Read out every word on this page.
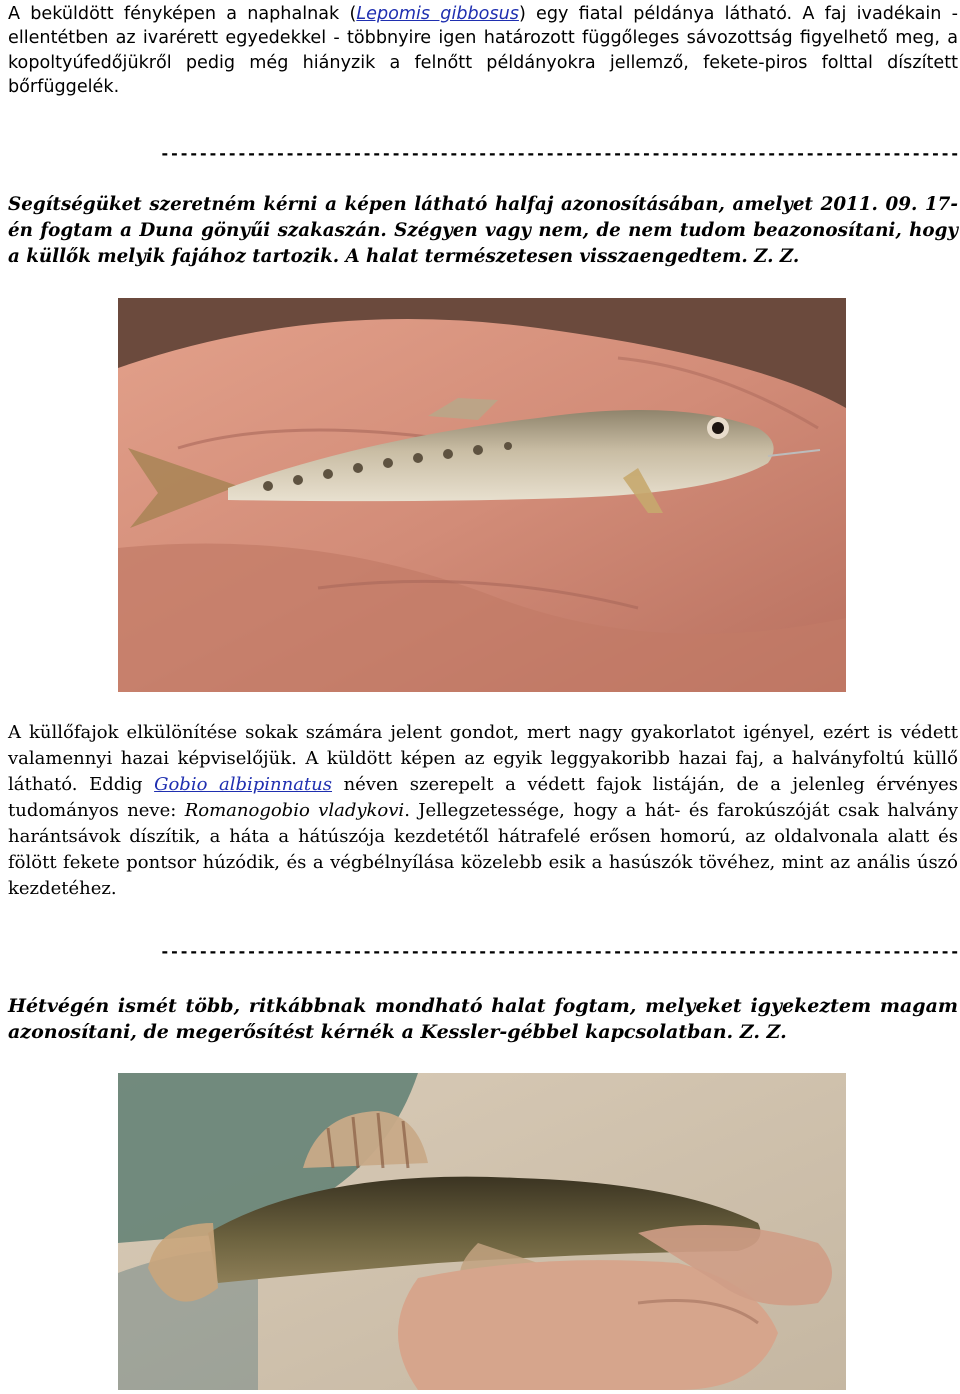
A beküldött fényképen a naphalnak (Lepomis gibbosus) egy fiatal példánya látható. A faj ivadékain - ellentétben az ivarérett egyedekkel - többnyire igen határozott függőleges sávozottság figyelhető meg, a kopoltyúfedőjükről pedig még hiányzik a felnőtt példányokra jellemző, fekete-piros folttal díszített bőrfüggelék.

-----------------------------------------------------------------------------------

Segítségüket szeretném kérni a képen látható halfaj azonosításában, amelyet 2011. 09. 17-én fogtam a Duna gönyűi szakaszán. Szégyen vagy nem, de nem tudom beazonosítani, hogy a küllők melyik fajához tartozik. A halat természetesen visszaengedtem. Z. Z.

A küllőfajok elkülönítése sokak számára jelent gondot, mert nagy gyakorlatot igényel, ezért is védett valamennyi hazai képviselőjük. A küldött képen az egyik leggyakoribb hazai faj, a halványfoltú küllő látható. Eddig Gobio albipinnatus néven szerepelt a védett fajok listáján, de a jelenleg érvényes tudományos neve: Romanogobio vladykovi. Jellegzetessége, hogy a hát- és farokúszóját csak halvány harántsávok díszítik, a háta a hátúszója kezdetétől hátrafelé erősen homorú, az oldalvonala alatt és fölött fekete pontsor húzódik, és a végbélnyílása közelebb esik a hasúszók tövéhez, mint az anális úszó kezdetéhez.

-----------------------------------------------------------------------------------

Hétvégén ismét több, ritkábbnak mondható halat fogtam, melyeket igyekeztem magam azonosítani, de megerősítést kérnék a Kessler-gébbel kapcsolatban. Z. Z.
